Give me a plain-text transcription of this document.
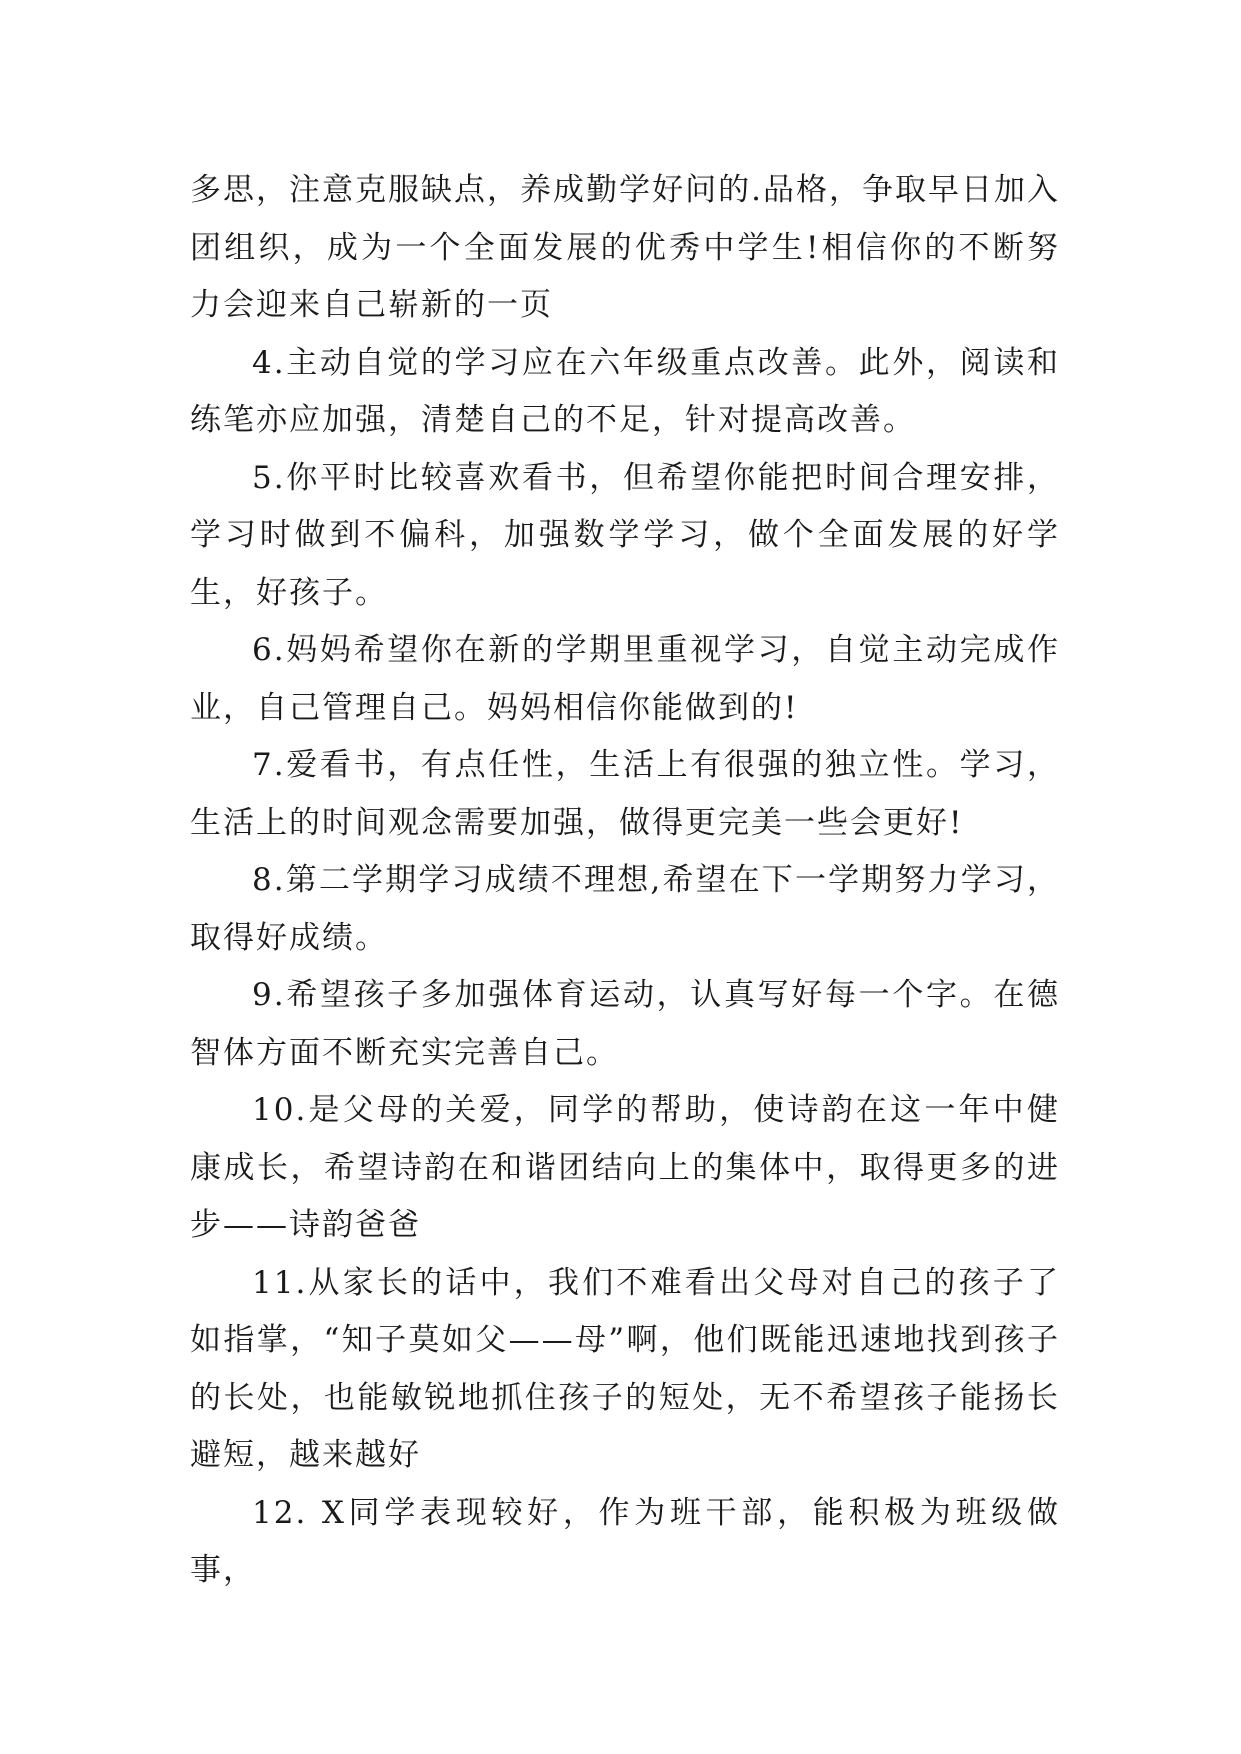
多思，注意克服缺点，养成勤学好问的.品格，争取早日加入团组织，成为一个全面发展的优秀中学生!相信你的不断努力会迎来自己崭新的一页

4.主动自觉的学习应在六年级重点改善。此外，阅读和练笔亦应加强，清楚自己的不足，针对提高改善。

5.你平时比较喜欢看书，但希望你能把时间合理安排，学习时做到不偏科，加强数学学习，做个全面发展的好学生，好孩子。

6.妈妈希望你在新的学期里重视学习，自觉主动完成作业，自己管理自己。妈妈相信你能做到的!

7.爱看书，有点任性，生活上有很强的独立性。学习，生活上的时间观念需要加强，做得更完美一些会更好!

8.第二学期学习成绩不理想,希望在下一学期努力学习，取得好成绩。

9.希望孩子多加强体育运动，认真写好每一个字。在德智体方面不断充实完善自己。

10.是父母的关爱，同学的帮助，使诗韵在这一年中健康成长，希望诗韵在和谐团结向上的集体中，取得更多的进步——诗韵爸爸

11.从家长的话中，我们不难看出父母对自己的孩子了如指掌，“知子莫如父——母”啊，他们既能迅速地找到孩子的长处，也能敏锐地抓住孩子的短处，无不希望孩子能扬长避短，越来越好

12. X同学表现较好，作为班干部，能积极为班级做事，
